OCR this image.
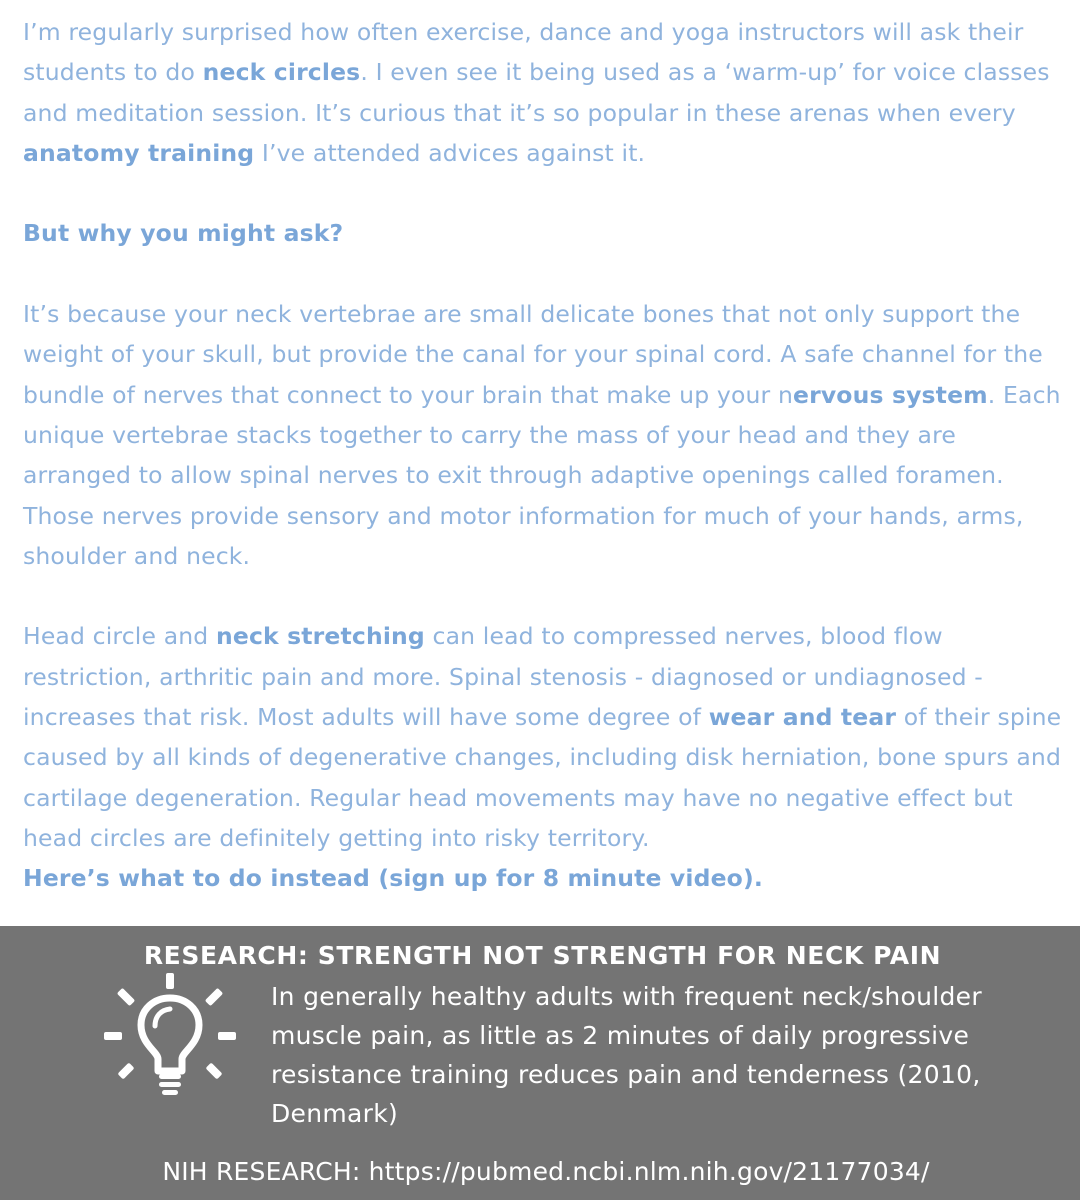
I’m regularly surprised how often exercise, dance and yoga instructors will ask their students to do neck circles. I even see it being used as a ‘warm-up’ for voice classes and meditation session. It’s curious that it’s so popular in these arenas when every anatomy training I’ve attended advices against it.

But why you might ask?

It’s because your neck vertebrae are small delicate bones that not only support the weight of your skull, but provide the canal for your spinal cord. A safe channel for the bundle of nerves that connect to your brain that make up your nervous system. Each unique vertebrae stacks together to carry the mass of your head and they are arranged to allow spinal nerves to exit through adaptive openings called foramen. Those nerves provide sensory and motor information for much of your hands, arms, shoulder and neck.

Head circle and neck stretching can lead to compressed nerves, blood flow restriction, arthritic pain and more. Spinal stenosis - diagnosed or undiagnosed - increases that risk. Most adults will have some degree of wear and tear of their spine caused by all kinds of degenerative changes, including disk herniation, bone spurs and cartilage degeneration. Regular head movements may have no negative effect but head circles are definitely getting into risky territory.

Here’s what to do instead (sign up for 8 minute video).

RESEARCH: STRENGTH NOT STRENGTH FOR NECK PAIN
In generally healthy adults with frequent neck/shoulder muscle pain, as little as 2 minutes of daily progressive resistance training reduces pain and tenderness (2010, Denmark)
NIH RESEARCH: https://pubmed.ncbi.nlm.nih.gov/21177034/
